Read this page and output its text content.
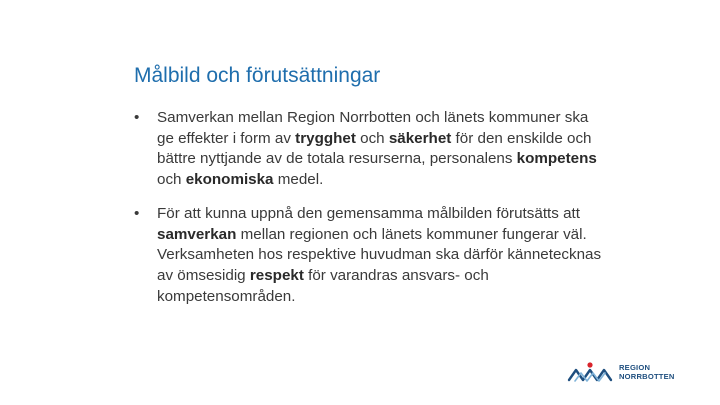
Målbild och förutsättningar
• Samverkan mellan Region Norrbotten och länets kommuner ska ge effekter i form av trygghet och säkerhet för den enskilde och bättre nyttjande av de totala resurserna, personalens kompetens och ekonomiska medel.
• För att kunna uppnå den gemensamma målbilden förutsätts att samverkan mellan regionen och länets kommuner fungerar väl. Verksamheten hos respektive huvudman ska därför kännetecknas av ömsesidig respekt för varandras ansvars- och kompetensområden.
REGION
NORRBOTTEN
